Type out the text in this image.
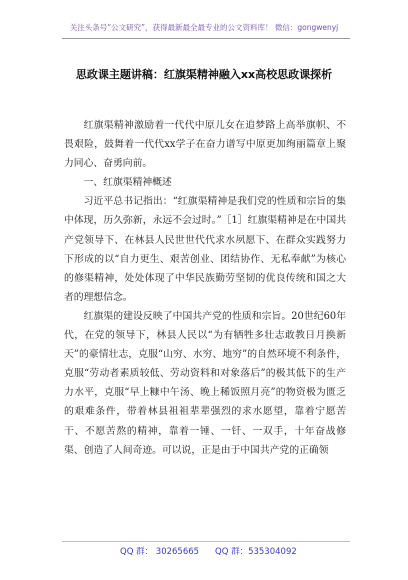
关注头条号“公文研究”，获得最新最全最专业的公文资料库！ 微信：gongwenyj
思政课主题讲稿：红旗渠精神融入xx高校思政课探析

红旗渠精神激励着一代代中原儿女在追梦路上高举旗帜、不畏艰险，鼓舞着一代代xx学子在奋力谱写中原更加绚丽篇章上聚力同心、奋勇向前。

一、红旗渠精神概述

习近平总书记指出：“红旗渠精神是我们党的性质和宗旨的集中体现，历久弥新，永远不会过时。”［1］红旗渠精神是在中国共产党领导下、在林县人民世世代代求水夙愿下、在群众实践努力下形成的以“自力更生、艰苦创业、团结协作、无私奉献”为核心的修渠精神，处处体现了中华民族勤劳坚韧的优良传统和国之大者的理想信念。

红旗渠的建设反映了中国共产党的性质和宗旨。20世纪60年代，在党的领导下，林县人民以“为有牺牲多壮志敢教日月换新天”的豪情壮志，克服“山穷、水穷、地穷”的自然环境不利条件，克服“劳动者素质较低、劳动资料和对象落后”的极其低下的生产力水平，克服“早上糠中午汤、晚上稀饭照月亮”的物资极为匮乏的艰难条件，带着林县祖祖辈辈强烈的求水愿望，靠着宁愿苦干、不愿苦熬的精神，靠着一锤、一钎、一双手，十年奋战修渠、创造了人间奇迹。可以说，正是由于中国共产党的正确领

QQ 群： 30265665 QQ 群：535304092
